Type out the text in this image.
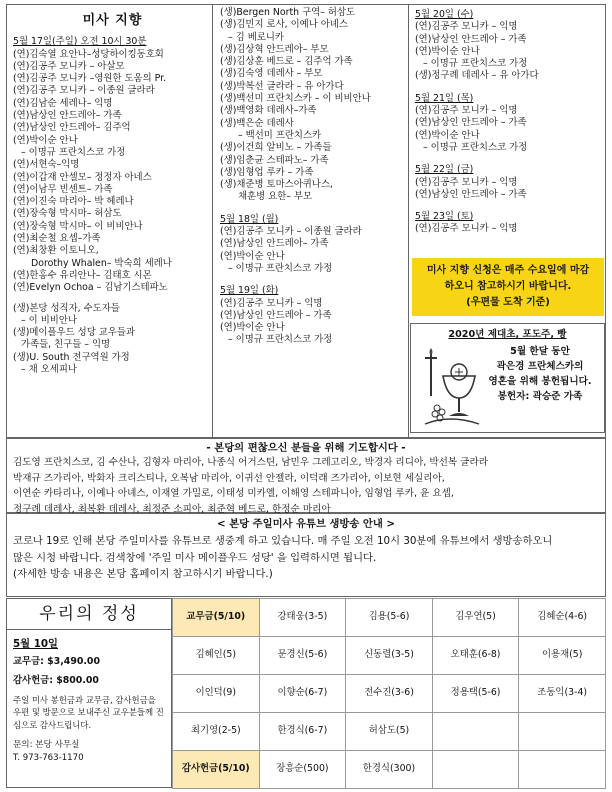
미사 지향
5월 17일(주일) 오전 10시 30분
(연)김숙열 요안나–성당하이킹동호회
(연)김공주 모니카 – 아살모
(연)김공주 모니카 –영원한 도움의 Pr.
(연)김공주 모니카 – 이종원 글라라
(연)김남순 세레나– 익명
(연)남상인 안드레아– 가족
(연)남상인 안드레아– 김주억
(연)박이순 안나
– 이명규 프란치스코 가정
(연)서현숙–익명
(연)이갑재 안셀모– 정정자 아네스
(연)이남무 빈센트– 가족
(연)이진숙 마리아– 박 헤레나
(연)장숙형 막시마– 허삼도
(연)장숙형 막시마– 이 비비안나
(연)최순철 요셉–가족
(연)최창환 이토니오,
Dorothy Whalen– 박숙희 세레나
(연)한홍수 유리안나– 김태호 시몬
(연)Evelyn Ochoa – 김남기스테파노
(생)본당 성직자, 수도자들
– 이 비비안나
(생)메이플우드 성당 교우들과
가족들, 친구들 – 익명
(생)U. South 전구역원 가정
– 채 오세피나
(생)Bergen North 구역– 허삼도
(생)김민지 로사, 이예나 아녜스
– 김 베로니카
(생)김상혁 안드레아– 부모
(생)김상훈 베드로 – 김주억 가족
(생)김숙영 데레사 – 부모
(생)박복선 글라라 – 유 아가다
(생)백선미 프란치스카 – 이 비비안나
(생)백영화 데레사–가족
(생)백은순 데레사
– 백선미 프란치스카
(생)이건희 알비노 – 가족들
(생)임춘균 스테파노– 가족
(생)임형업 루카 – 가족
(생)채준병 토마스아퀴나스,
채훈병 요한– 부모
5월 18일 (월)
(연)김공주 모니카 – 이종원 글라라
(연)남상인 안드레아– 가족
(연)박이순 안나
– 이명규 프란치스코 가정
5월 19일 (화)
(연)김공주 모니카 – 익명
(연)남상인 안드레아 – 가족
(연)박이순 안나
– 이명규 프란치스코 가정
5월 20일 (수)
(연)김공주 모니카 – 익명
(연)남상인 안드레아 – 가족
(연)박이순 안나
– 이명규 프란치스코 가정
(생)정구례 데레사 – 유 아가다
5월 21일 (목)
(연)김공주 모니카 – 익명
(연)남상인 안드레아 – 가족
(연)박이순 안나
– 이명규 프란치스코 가정
5월 22일 (금)
(연)김공주 모니카 – 익명
(연)남상인 안드레아 – 가족
5월 23일 (토)
(연)김공주 모니카 – 익명
미사 지향 신청은 매주 수요일에 마감
하오니 참고하시기 바랍니다.
(우편물 도착 기준)
2020년 제대초, 포도주, 빵
5월 한달 동안
곽은경 프란체스카의
영혼을 위해 봉헌됩니다.
봉헌자: 곽승준 가족
- 본당의 편찮으신 분들을 위해 기도합시다 -
김도영 프란치스코, 김 수산나, 김형자 마리아, 나종식 어거스틴, 남민우 그레고리오, 박경자 리디아, 박선복 글라라
박재규 즈가리아, 박화자 크리스티나, 오복남 마리아, 이귀선 안젤라, 이덕래 즈가리아, 이보현 세실리아,
이연순 카타리나, 이예나 아녜스, 이재열 가밀로, 이태성 미카엘, 이해영 스테파니아, 임형업 루카, 윤 요셉,
정구례 데레사, 최복환 데레사, 최정준 소피아, 최준혁 베드로, 한정순 마리아
< 본당 주일미사 유튜브 생방송 안내 >
코로나 19로 인해 본당 주일미사를 유튜브로 생중계 하고 있습니다. 매 주일 오전 10시 30분에 유튜브에서 생방송하오니
많은 시청 바랍니다. 검색창에 '주일 미사 메이플우드 성당' 을 입력하시면 됩니다.
(자세한 방송 내용은 본당 홈페이지 참고하시기 바랍니다.)
우리의 정성
5월 10일
교무금: $3,490.00
감사헌금: $800.00
주일 미사 봉헌금과 교무금, 감사헌금을 우편 및 방문으로 보내주신 교우분들께 진심으로 감사드립니다.
문의: 본당 사무실
T. 973-763-1170
교무금(5/10)	강태웅(3-5)	김용(5-6)	김우연(5)	김혜순(4-6)
김혜인(5)	문경신(5-6)	신동렬(3-5)	오태훈(6-8)	이용재(5)
이인덕(9)	이향순(6-7)	전수진(3-6)	정용택(5-6)	조동익(3-4)
최기영(2-5)	한경식(6-7)	허삼도(5)		
감사헌금(5/10)	장흥순(500)	한경식(300)		
